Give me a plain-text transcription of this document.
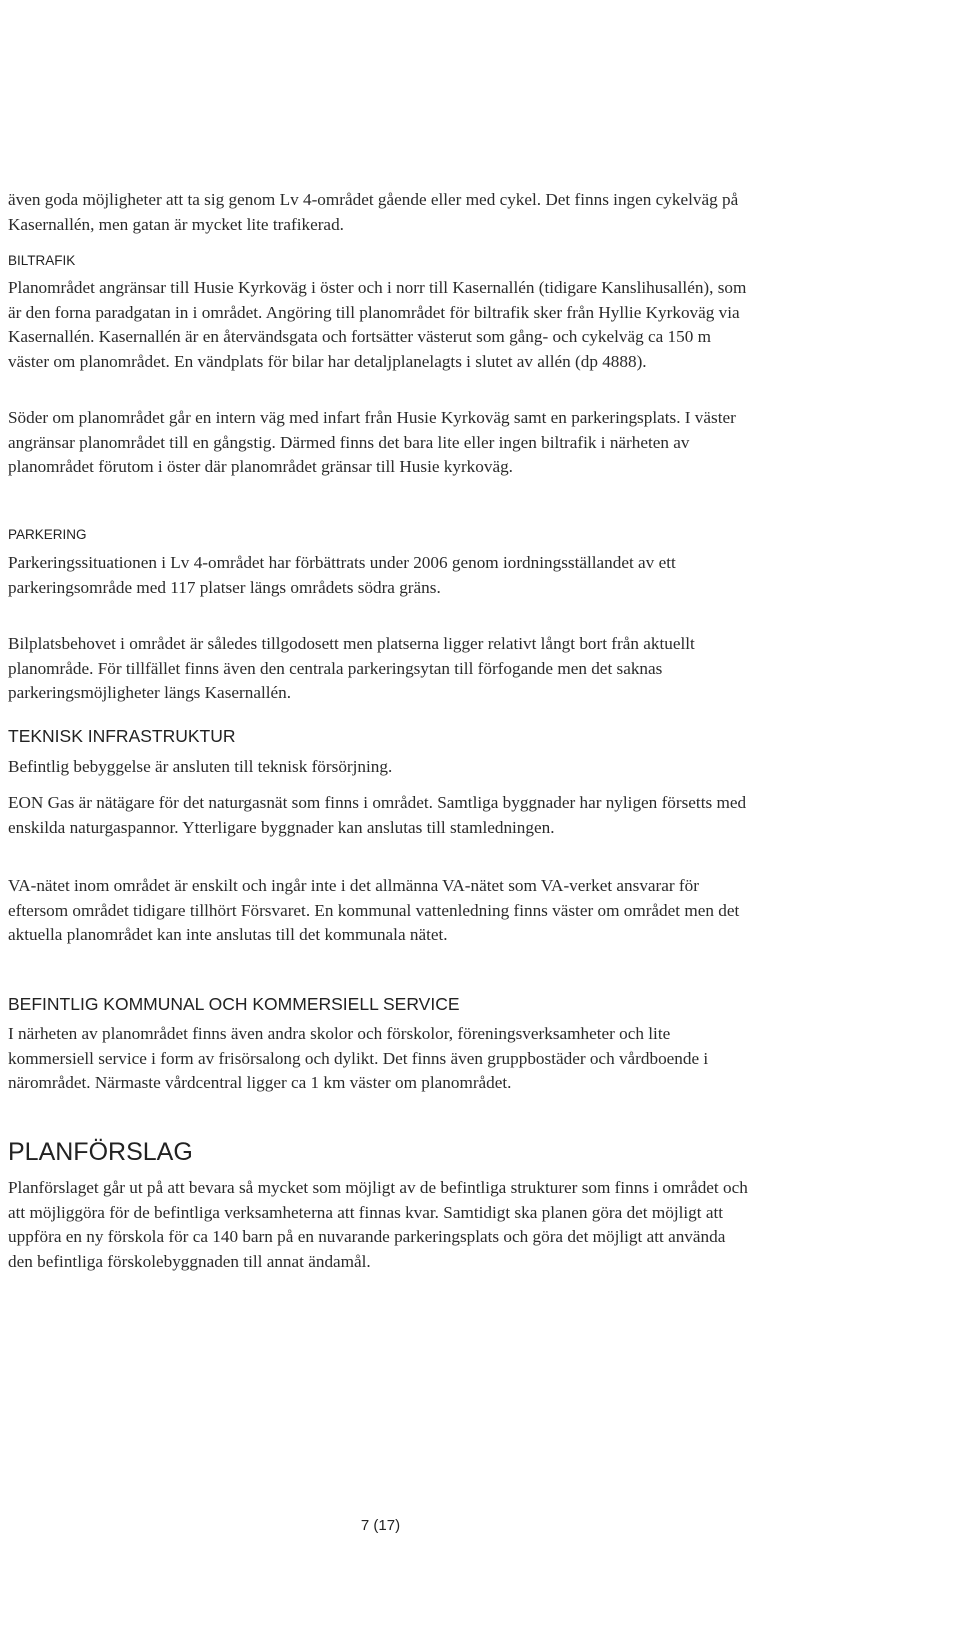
även goda möjligheter att ta sig genom Lv 4-området gående eller med cykel. Det finns ingen cykelväg på Kasernallén, men gatan är mycket lite trafikerad.

BILTRAFIK

Planområdet angränsar till Husie Kyrkoväg i öster och i norr till Kasernallén (tidigare Kanslihusallén), som är den forna paradgatan in i området. Angöring till planområdet för biltrafik sker från Hyllie Kyrkoväg via Kasernallén. Kasernallén är en återvändsgata och fortsätter västerut som gång- och cykelväg ca 150 m väster om planområdet. En vändplats för bilar har detaljplanelagts i slutet av allén (dp 4888).

Söder om planområdet går en intern väg med infart från Husie Kyrkoväg samt en parkeringsplats. I väster angränsar planområdet till en gångstig. Därmed finns det bara lite eller ingen biltrafik i närheten av planområdet förutom i öster där planområdet gränsar till Husie kyrkoväg.

PARKERING

Parkeringssituationen i Lv 4-området har förbättrats under 2006 genom iordningsställandet av ett parkeringsområde med 117 platser längs områdets södra gräns.

Bilplatsbehovet i området är således tillgodosett men platserna ligger relativt långt bort från aktuellt planområde. För tillfället finns även den centrala parkeringsytan till förfogande men det saknas parkeringsmöjligheter längs Kasernallén.

TEKNISK INFRASTRUKTUR

Befintlig bebyggelse är ansluten till teknisk försörjning.

EON Gas är nätägare för det naturgasnät som finns i området. Samtliga byggnader har nyligen försetts med enskilda naturgaspannor. Ytterligare byggnader kan anslutas till stamledningen.

VA-nätet inom området är enskilt och ingår inte i det allmänna VA-nätet som VA-verket ansvarar för eftersom området tidigare tillhört Försvaret. En kommunal vattenledning finns väster om området men det aktuella planområdet kan inte anslutas till det kommunala nätet.

BEFINTLIG KOMMUNAL OCH KOMMERSIELL SERVICE

I närheten av planområdet finns även andra skolor och förskolor, föreningsverksamheter och lite kommersiell service i form av frisörsalong och dylikt. Det finns även gruppbostäder och vårdboende i närområdet. Närmaste vårdcentral ligger ca 1 km väster om planområdet.

PLANFÖRSLAG

Planförslaget går ut på att bevara så mycket som möjligt av de befintliga strukturer som finns i området och att möjliggöra för de befintliga verksamheterna att finnas kvar. Samtidigt ska planen göra det möjligt att uppföra en ny förskola för ca 140 barn på en nuvarande parkeringsplats och göra det möjligt att använda den befintliga förskolebyggnaden till annat ändamål.

7 (17)
